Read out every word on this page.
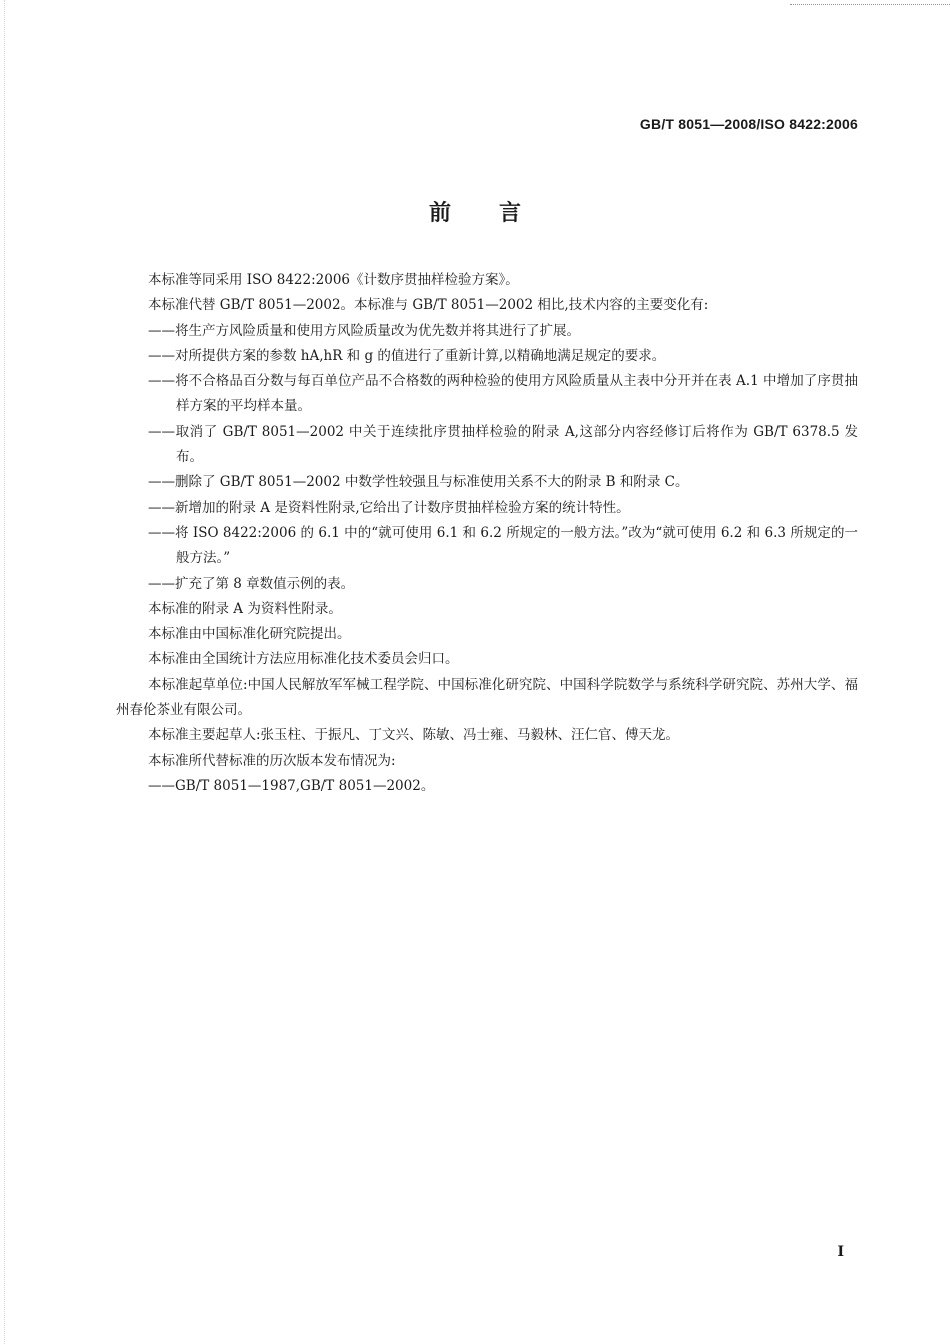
GB/T 8051—2008/ISO 8422:2006
前言

本标准等同采用 ISO 8422:2006《计数序贯抽样检验方案》。

本标准代替 GB/T 8051—2002。本标准与 GB/T 8051—2002 相比,技术内容的主要变化有:

——将生产方风险质量和使用方风险质量改为优先数并将其进行了扩展。

——对所提供方案的参数 hA,hR 和 g 的值进行了重新计算,以精确地满足规定的要求。

——将不合格品百分数与每百单位产品不合格数的两种检验的使用方风险质量从主表中分开并在表 A.1 中增加了序贯抽样方案的平均样本量。

——取消了 GB/T 8051—2002 中关于连续批序贯抽样检验的附录 A,这部分内容经修订后将作为 GB/T 6378.5 发布。

——删除了 GB/T 8051—2002 中数学性较强且与标准使用关系不大的附录 B 和附录 C。

——新增加的附录 A 是资料性附录,它给出了计数序贯抽样检验方案的统计特性。

——将 ISO 8422:2006 的 6.1 中的“就可使用 6.1 和 6.2 所规定的一般方法。”改为“就可使用 6.2 和 6.3 所规定的一般方法。”

——扩充了第 8 章数值示例的表。

本标准的附录 A 为资料性附录。

本标准由中国标准化研究院提出。

本标准由全国统计方法应用标准化技术委员会归口。

本标准起草单位:中国人民解放军军械工程学院、中国标准化研究院、中国科学院数学与系统科学研究院、苏州大学、福州春伦茶业有限公司。

本标准主要起草人:张玉柱、于振凡、丁文兴、陈敏、冯士雍、马毅林、汪仁官、傅天龙。

本标准所代替标准的历次版本发布情况为:

——GB/T 8051—1987,GB/T 8051—2002。

I
